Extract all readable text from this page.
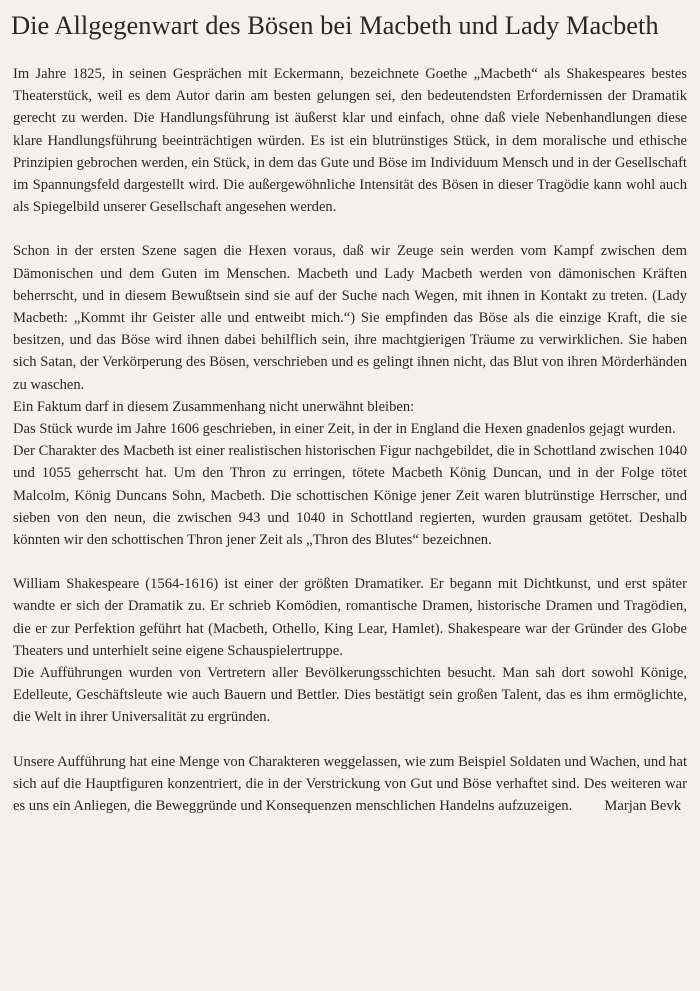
Die Allgegenwart des Bösen bei Macbeth und Lady Macbeth

Im Jahre 1825, in seinen Gesprächen mit Eckermann, bezeichnete Goethe „Macbeth“ als Shakespeares bestes Theaterstück, weil es dem Autor darin am besten gelungen sei, den bedeutendsten Erfordernissen der Dramatik gerecht zu werden. Die Handlungsführung ist äußerst klar und einfach, ohne daß viele Nebenhandlungen diese klare Handlungsführung beeinträchtigen würden. Es ist ein blutrünstiges Stück, in dem moralische und ethische Prinzipien gebrochen werden, ein Stück, in dem das Gute und Böse im Individuum Mensch und in der Gesellschaft im Spannungsfeld dargestellt wird. Die außergewöhnliche Intensität des Bösen in dieser Tragödie kann wohl auch als Spiegelbild unserer Gesellschaft angesehen werden.

Schon in der ersten Szene sagen die Hexen voraus, daß wir Zeuge sein werden vom Kampf zwischen dem Dämonischen und dem Guten im Menschen. Macbeth und Lady Macbeth werden von dämonischen Kräften beherrscht, und in diesem Bewußtsein sind sie auf der Suche nach Wegen, mit ihnen in Kontakt zu treten. (Lady Macbeth: „Kommt ihr Geister alle und entweibt mich.“) Sie empfinden das Böse als die einzige Kraft, die sie besitzen, und das Böse wird ihnen dabei behilflich sein, ihre machtgierigen Träume zu verwirklichen. Sie haben sich Satan, der Verkörperung des Bösen, verschrieben und es gelingt ihnen nicht, das Blut von ihren Mörderhänden zu waschen.

Ein Faktum darf in diesem Zusammenhang nicht unerwähnt bleiben:

Das Stück wurde im Jahre 1606 geschrieben, in einer Zeit, in der in England die Hexen gnadenlos gejagt wurden.

Der Charakter des Macbeth ist einer realistischen historischen Figur nachgebildet, die in Schottland zwischen 1040 und 1055 geherrscht hat. Um den Thron zu erringen, tötete Macbeth König Duncan, und in der Folge tötet Malcolm, König Duncans Sohn, Macbeth. Die schottischen Könige jener Zeit waren blutrünstige Herrscher, und sieben von den neun, die zwischen 943 und 1040 in Schottland regierten, wurden grausam getötet. Deshalb könnten wir den schottischen Thron jener Zeit als „Thron des Blutes“ bezeichnen.

William Shakespeare (1564-1616) ist einer der größten Dramatiker. Er begann mit Dichtkunst, und erst später wandte er sich der Dramatik zu. Er schrieb Komödien, romantische Dramen, historische Dramen und Tragödien, die er zur Perfektion geführt hat (Macbeth, Othello, King Lear, Hamlet). Shakespeare war der Gründer des Globe Theaters und unterhielt seine eigene Schauspielertruppe.

Die Aufführungen wurden von Vertretern aller Bevölkerungsschichten besucht. Man sah dort sowohl Könige, Edelleute, Geschäftsleute wie auch Bauern und Bettler. Dies bestätigt sein großen Talent, das es ihm ermöglichte, die Welt in ihrer Universalität zu ergründen.

Unsere Aufführung hat eine Menge von Charakteren weggelassen, wie zum Beispiel Soldaten und Wachen, und hat sich auf die Hauptfiguren konzentriert, die in der Verstrickung von Gut und Böse verhaftet sind. Des weiteren war es uns ein Anliegen, die Beweggründe und Konsequenzen menschlichen Handelns aufzuzeigen.	Marjan Bevk
